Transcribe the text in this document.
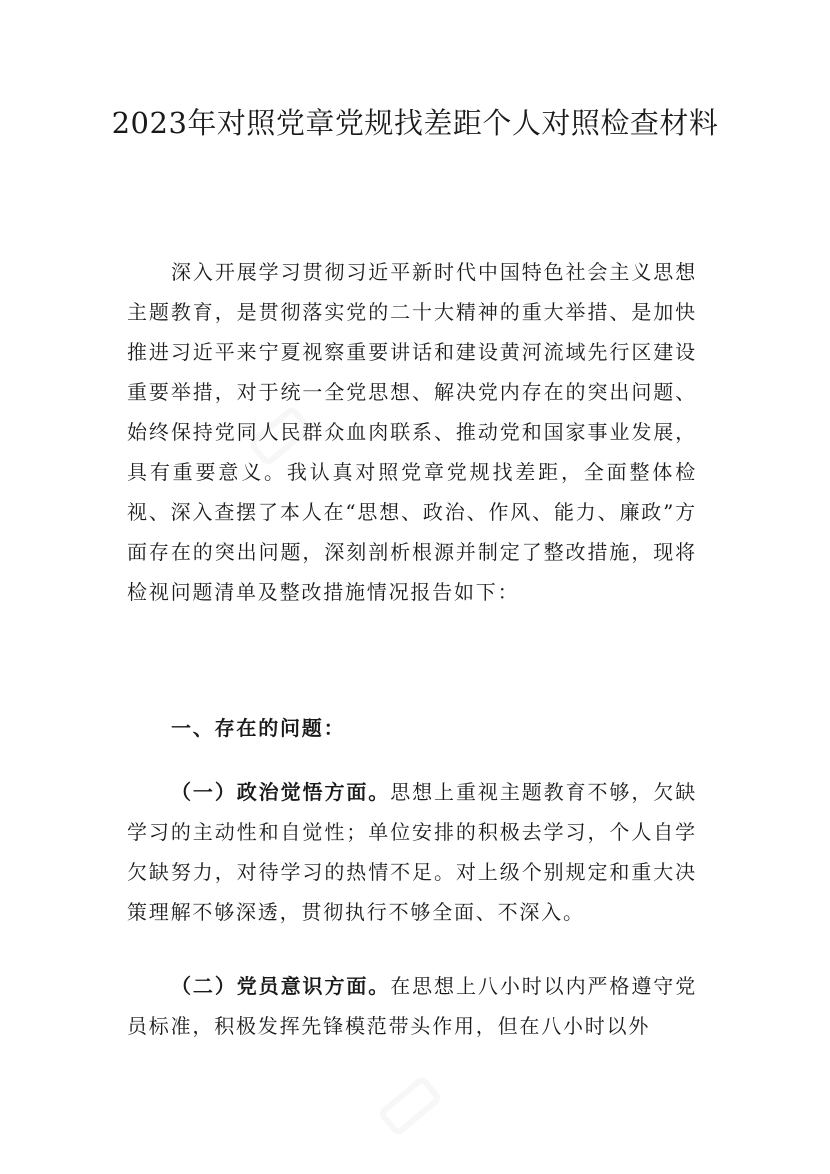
2023年对照党章党规找差距个人对照检查材料

深入开展学习贯彻习近平新时代中国特色社会主义思想主题教育，是贯彻落实党的二十大精神的重大举措、是加快推进习近平来宁夏视察重要讲话和建设黄河流域先行区建设重要举措，对于统一全党思想、解决党内存在的突出问题、始终保持党同人民群众血肉联系、推动党和国家事业发展，具有重要意义。我认真对照党章党规找差距，全面整体检视、深入查摆了本人在“思想、政治、作风、能力、廉政”方面存在的突出问题，深刻剖析根源并制定了整改措施，现将检视问题清单及整改措施情况报告如下：

一、存在的问题：

（一）政治觉悟方面。思想上重视主题教育不够，欠缺学习的主动性和自觉性；单位安排的积极去学习，个人自学欠缺努力，对待学习的热情不足。对上级个别规定和重大决策理解不够深透，贯彻执行不够全面、不深入。

（二）党员意识方面。在思想上八小时以内严格遵守党员标准，积极发挥先锋模范带头作用，但在八小时以外
